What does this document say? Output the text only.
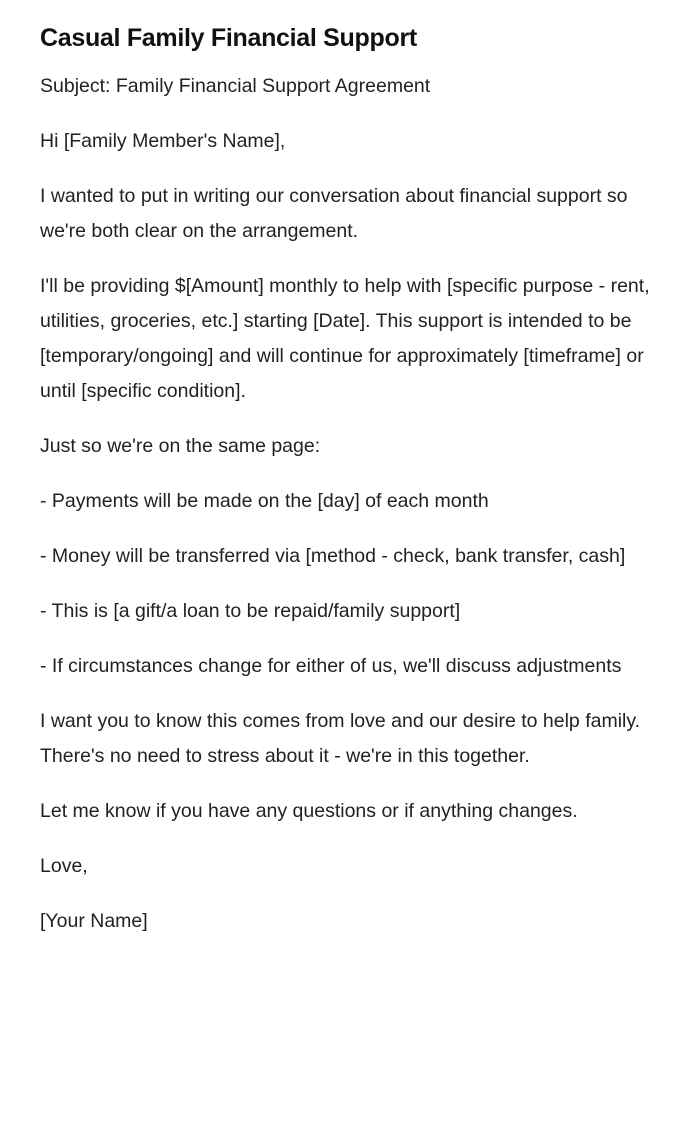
Casual Family Financial Support

Subject: Family Financial Support Agreement

Hi [Family Member's Name],

I wanted to put in writing our conversation about financial support so we're both clear on the arrangement.

I'll be providing $[Amount] monthly to help with [specific purpose - rent, utilities, groceries, etc.] starting [Date]. This support is intended to be [temporary/ongoing] and will continue for approximately [timeframe] or until [specific condition].

Just so we're on the same page:

- Payments will be made on the [day] of each month

- Money will be transferred via [method - check, bank transfer, cash]

- This is [a gift/a loan to be repaid/family support]

- If circumstances change for either of us, we'll discuss adjustments

I want you to know this comes from love and our desire to help family. There's no need to stress about it - we're in this together.

Let me know if you have any questions or if anything changes.

Love,

[Your Name]
